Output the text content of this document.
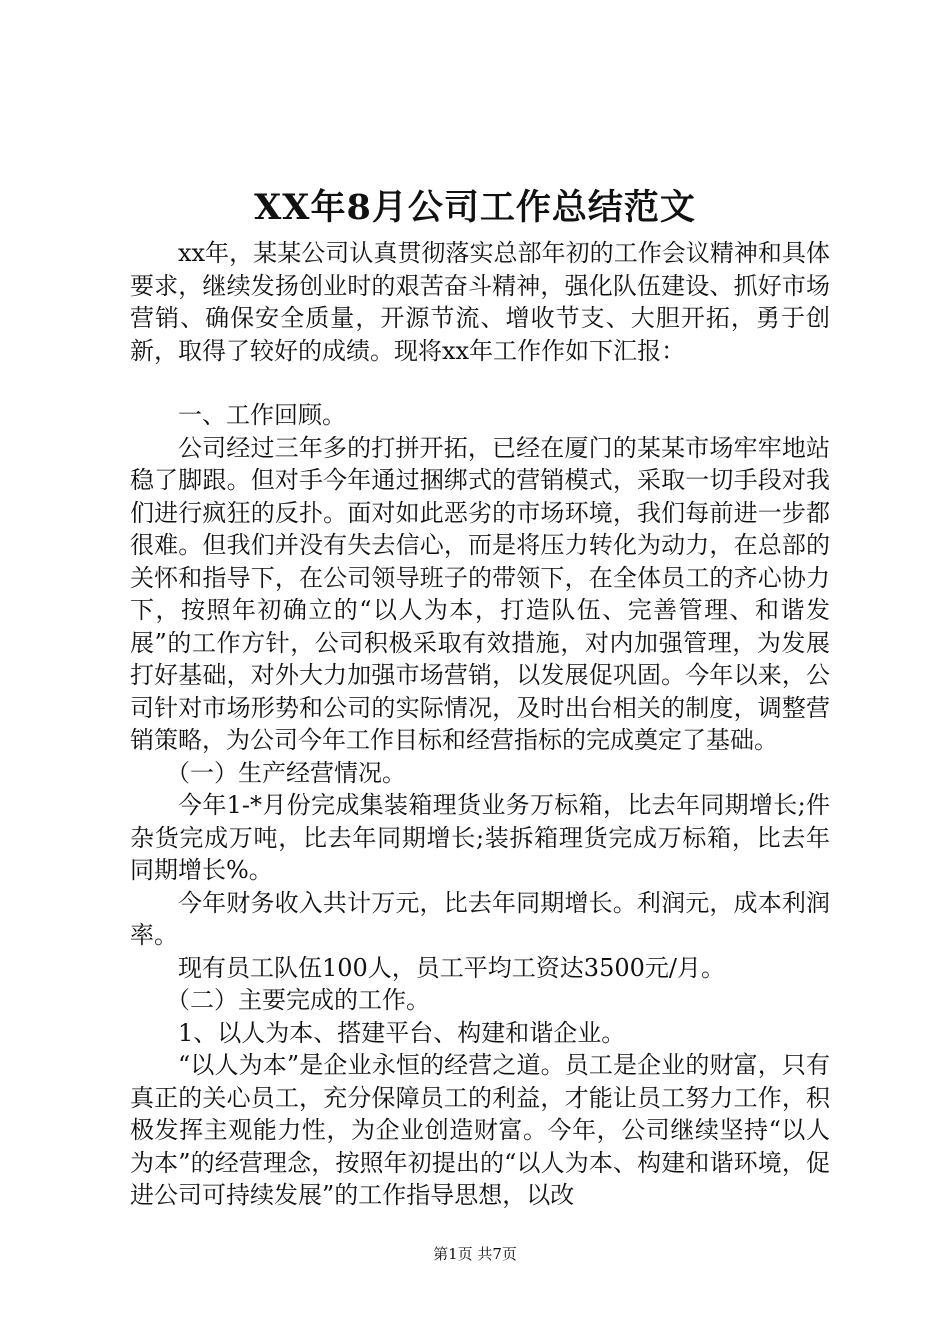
XX年8月公司工作总结范文

xx年，某某公司认真贯彻落实总部年初的工作会议精神和具体要求，继续发扬创业时的艰苦奋斗精神，强化队伍建设、抓好市场营销、确保安全质量，开源节流、增收节支、大胆开拓，勇于创新，取得了较好的成绩。现将xx年工作作如下汇报：

一、工作回顾。

公司经过三年多的打拼开拓，已经在厦门的某某市场牢牢地站稳了脚跟。但对手今年通过捆绑式的营销模式，采取一切手段对我们进行疯狂的反扑。面对如此恶劣的市场环境，我们每前进一步都很难。但我们并没有失去信心，而是将压力转化为动力，在总部的关怀和指导下，在公司领导班子的带领下，在全体员工的齐心协力下，按照年初确立的“以人为本，打造队伍、完善管理、和谐发展”的工作方针，公司积极采取有效措施，对内加强管理，为发展打好基础，对外大力加强市场营销，以发展促巩固。今年以来，公司针对市场形势和公司的实际情况，及时出台相关的制度，调整营销策略，为公司今年工作目标和经营指标的完成奠定了基础。

（一）生产经营情况。

今年1-*月份完成集装箱理货业务万标箱，比去年同期增长;件杂货完成万吨，比去年同期增长;装拆箱理货完成万标箱，比去年同期增长%。

今年财务收入共计万元，比去年同期增长。利润元，成本利润率。

现有员工队伍100人，员工平均工资达3500元/月。

（二）主要完成的工作。

1、以人为本、搭建平台、构建和谐企业。

“以人为本”是企业永恒的经营之道。员工是企业的财富，只有真正的关心员工，充分保障员工的利益，才能让员工努力工作，积极发挥主观能力性，为企业创造财富。今年，公司继续坚持“以人为本”的经营理念，按照年初提出的“以人为本、构建和谐环境，促进公司可持续发展”的工作指导思想，以改

第1页 共7页
